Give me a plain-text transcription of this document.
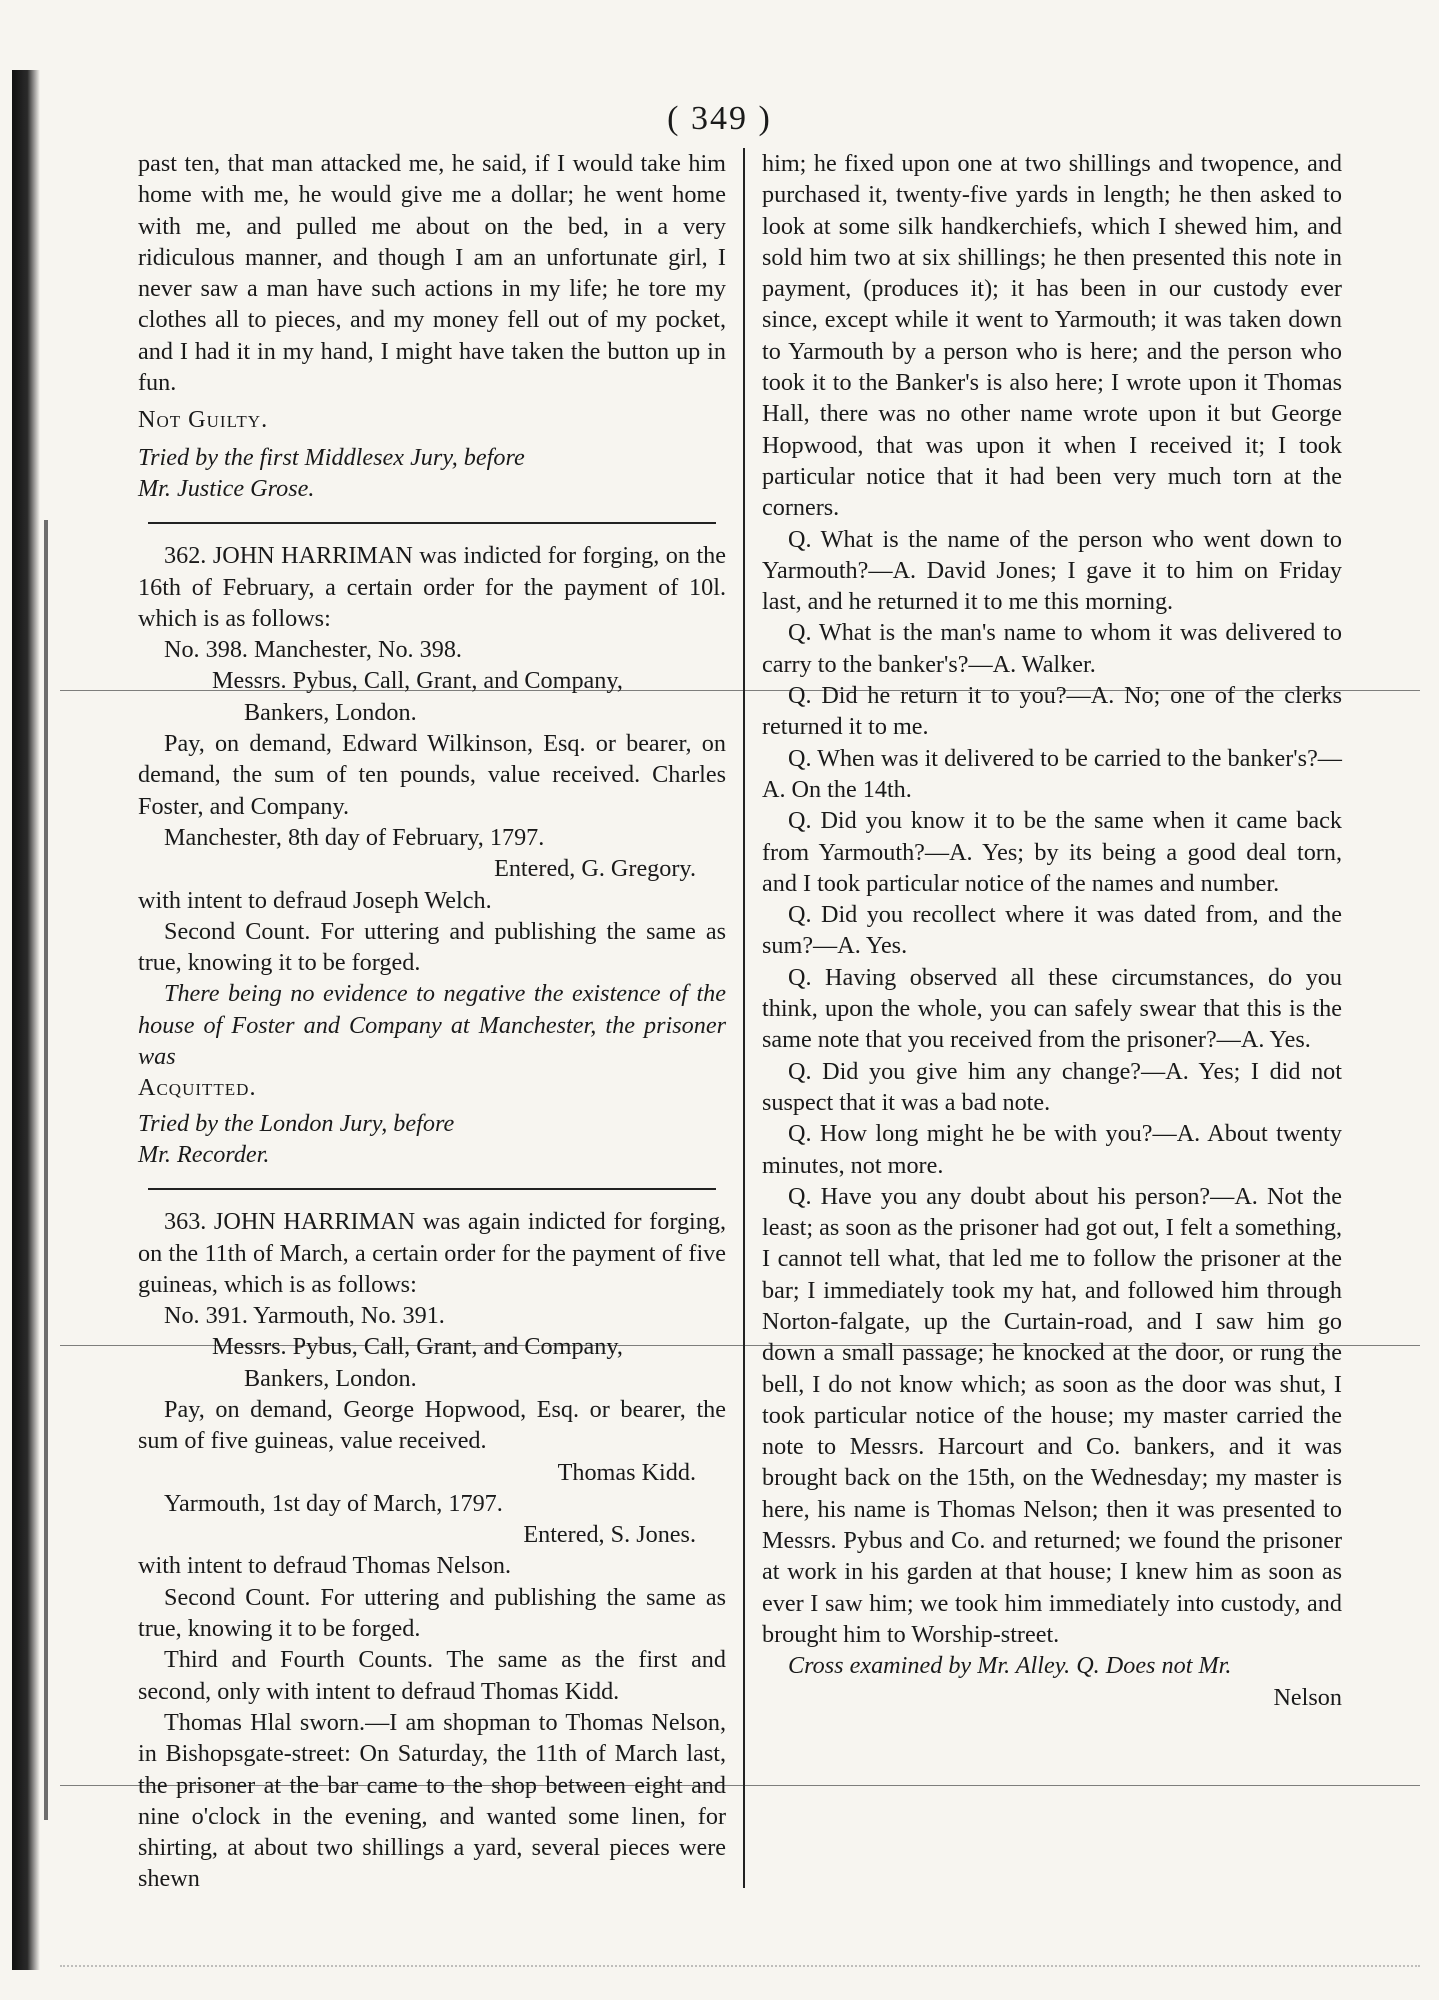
( 349 )

past ten, that man attacked me, he said, if I would take him home with me, he would give me a dollar; he went home with me, and pulled me about on the bed, in a very ridiculous manner, and though I am an unfortunate girl, I never saw a man have such actions in my life; he tore my clothes all to pieces, and my money fell out of my pocket, and I had it in my hand, I might have taken the button up in fun.

Not Guilty.

Tried by the first Middlesex Jury, before

Mr. Justice Grose.

362. JOHN HARRIMAN was indicted for forging, on the 16th of February, a certain order for the payment of 10l. which is as follows:

No. 398. Manchester, No. 398.

Messrs. Pybus, Call, Grant, and Company,

Bankers, London.

Pay, on demand, Edward Wilkinson, Esq. or bearer, on demand, the sum of ten pounds, value received. Charles Foster, and Company.

Manchester, 8th day of February, 1797.

Entered, G. Gregory.

with intent to defraud Joseph Welch.

Second Count. For uttering and publishing the same as true, knowing it to be forged.

There being no evidence to negative the existence of the house of Foster and Company at Manchester, the prisoner was

Acquitted.

Tried by the London Jury, before

Mr. Recorder.

363. JOHN HARRIMAN was again indicted for forging, on the 11th of March, a certain order for the payment of five guineas, which is as follows:

No. 391. Yarmouth, No. 391.

Messrs. Pybus, Call, Grant, and Company,

Bankers, London.

Pay, on demand, George Hopwood, Esq. or bearer, the sum of five guineas, value received.

Thomas Kidd.

Yarmouth, 1st day of March, 1797.

Entered, S. Jones.

with intent to defraud Thomas Nelson.

Second Count. For uttering and publishing the same as true, knowing it to be forged.

Third and Fourth Counts. The same as the first and second, only with intent to defraud Thomas Kidd.

Thomas Hlal sworn.—I am shopman to Thomas Nelson, in Bishopsgate-street: On Saturday, the 11th of March last, the prisoner at the bar came to the shop between eight and nine o'clock in the evening, and wanted some linen, for shirting, at about two shillings a yard, several pieces were shewn

him; he fixed upon one at two shillings and twopence, and purchased it, twenty-five yards in length; he then asked to look at some silk handkerchiefs, which I shewed him, and sold him two at six shillings; he then presented this note in payment, (produces it); it has been in our custody ever since, except while it went to Yarmouth; it was taken down to Yarmouth by a person who is here; and the person who took it to the Banker's is also here; I wrote upon it Thomas Hall, there was no other name wrote upon it but George Hopwood, that was upon it when I received it; I took particular notice that it had been very much torn at the corners.

Q. What is the name of the person who went down to Yarmouth?—A. David Jones; I gave it to him on Friday last, and he returned it to me this morning.

Q. What is the man's name to whom it was delivered to carry to the banker's?—A. Walker.

Q. Did he return it to you?—A. No; one of the clerks returned it to me.

Q. When was it delivered to be carried to the banker's?—A. On the 14th.

Q. Did you know it to be the same when it came back from Yarmouth?—A. Yes; by its being a good deal torn, and I took particular notice of the names and number.

Q. Did you recollect where it was dated from, and the sum?—A. Yes.

Q. Having observed all these circumstances, do you think, upon the whole, you can safely swear that this is the same note that you received from the prisoner?—A. Yes.

Q. Did you give him any change?—A. Yes; I did not suspect that it was a bad note.

Q. How long might he be with you?—A. About twenty minutes, not more.

Q. Have you any doubt about his person?—A. Not the least; as soon as the prisoner had got out, I felt a something, I cannot tell what, that led me to follow the prisoner at the bar; I immediately took my hat, and followed him through Norton-falgate, up the Curtain-road, and I saw him go down a small passage; he knocked at the door, or rung the bell, I do not know which; as soon as the door was shut, I took particular notice of the house; my master carried the note to Messrs. Harcourt and Co. bankers, and it was brought back on the 15th, on the Wednesday; my master is here, his name is Thomas Nelson; then it was presented to Messrs. Pybus and Co. and returned; we found the prisoner at work in his garden at that house; I knew him as soon as ever I saw him; we took him immediately into custody, and brought him to Worship-street.

Cross examined by Mr. Alley. Q. Does not Mr.

Nelson
